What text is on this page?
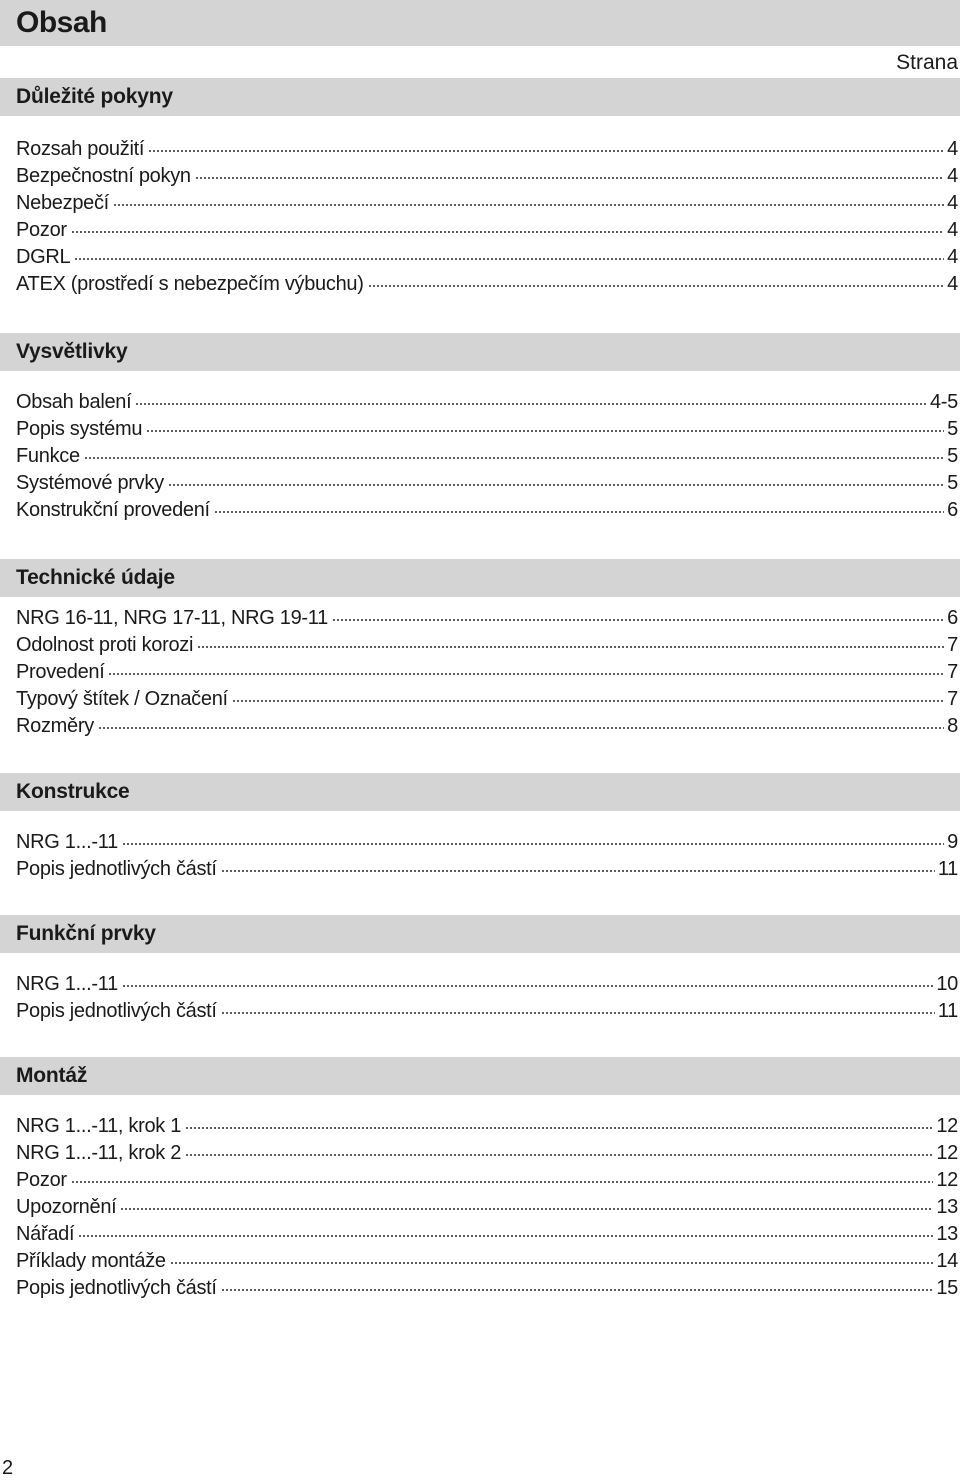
Obsah
Strana
Důležité pokyny
Rozsah použití	4
Bezpečnostní pokyn	4
Nebezpečí	4
Pozor	4
DGRL	4
ATEX (prostředí s nebezpečím výbuchu)	4
Vysvětlivky
Obsah balení	4-5
Popis systému	5
Funkce	5
Systémové prvky	5
Konstrukční provedení	6
Technické údaje
NRG 16-11, NRG 17-11, NRG 19-11	6
Odolnost proti korozi	7
Provedení	7
Typový štítek / Označení	7
Rozměry	8
Konstrukce
NRG 1...-11	9
Popis jednotlivých částí	11
Funkční prvky
NRG 1...-11	10
Popis jednotlivých částí	11
Montáž
NRG 1...-11, krok 1	12
NRG 1...-11, krok 2	12
Pozor	12
Upozornění	13
Nářadí	13
Příklady montáže	14
Popis jednotlivých částí	15
2
